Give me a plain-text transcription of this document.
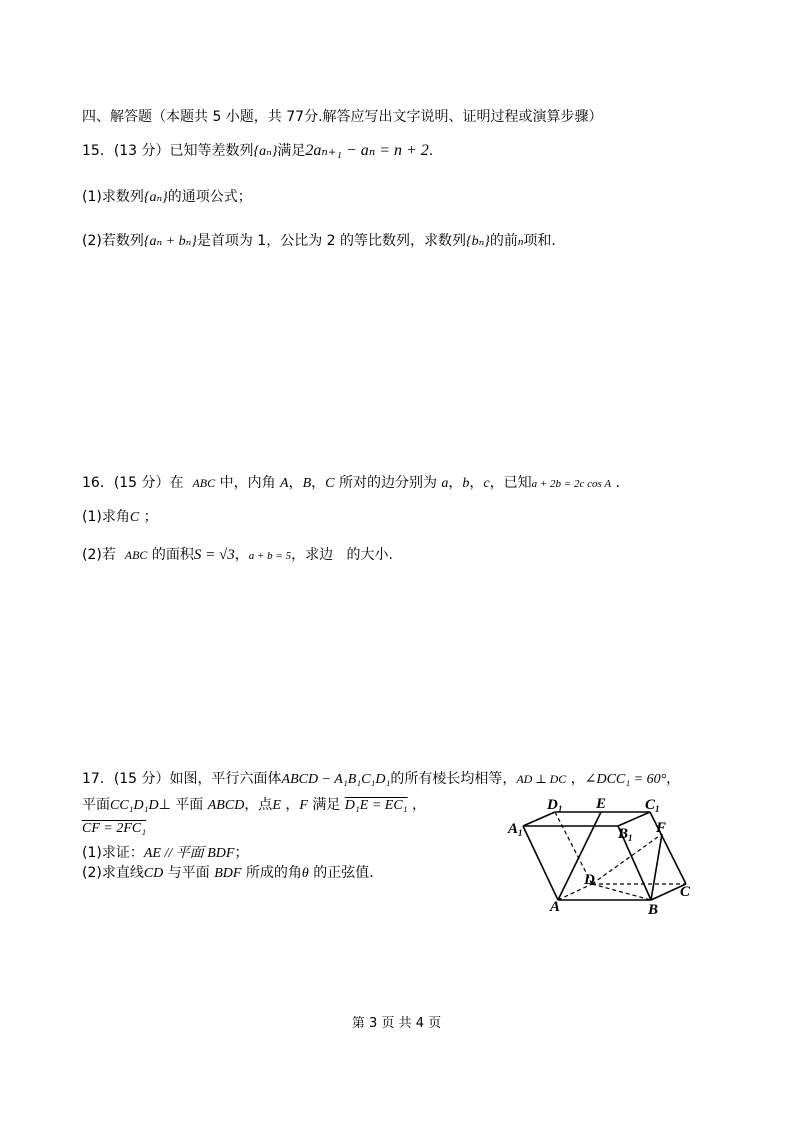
四、解答题（本题共 5 小题，共 77分.解答应写出文字说明、证明过程或演算步骤）
15．(13 分）已知等差数列{aₙ}满足2aₙ₊₁ − aₙ = n + 2.
(1)求数列{aₙ}的通项公式；
(2)若数列{aₙ + bₙ}是首项为 1，公比为 2 的等比数列，求数列{bₙ}的前n项和.
16．(15 分）在 ABC 中，内角 A，B，C 所对的边分别为 a，b，c，已知a + 2b = 2c cos A .
(1)求角C ；
(2)若 ABC 的面积S = √3，a + b = 5，求边 的大小.
17．(15 分）如图，平行六面体ABCD − A₁B₁C₁D₁的所有棱长均相等，AD ⊥ DC ，∠DCC₁ = 60°，
平面CC₁D₁D⊥ 平面 ABCD，点E ，F 满足 D₁E = EC₁ ，
CF = 2FC₁
(1)求证：AE // 平面 BDF；
(2)求直线CD 与平面 BDF 所成的角θ 的正弦值.
$D_1$ E	$C_1$
$A_1$	$B_1$
F
D
A	B
C
第 3 页 共 4 页
